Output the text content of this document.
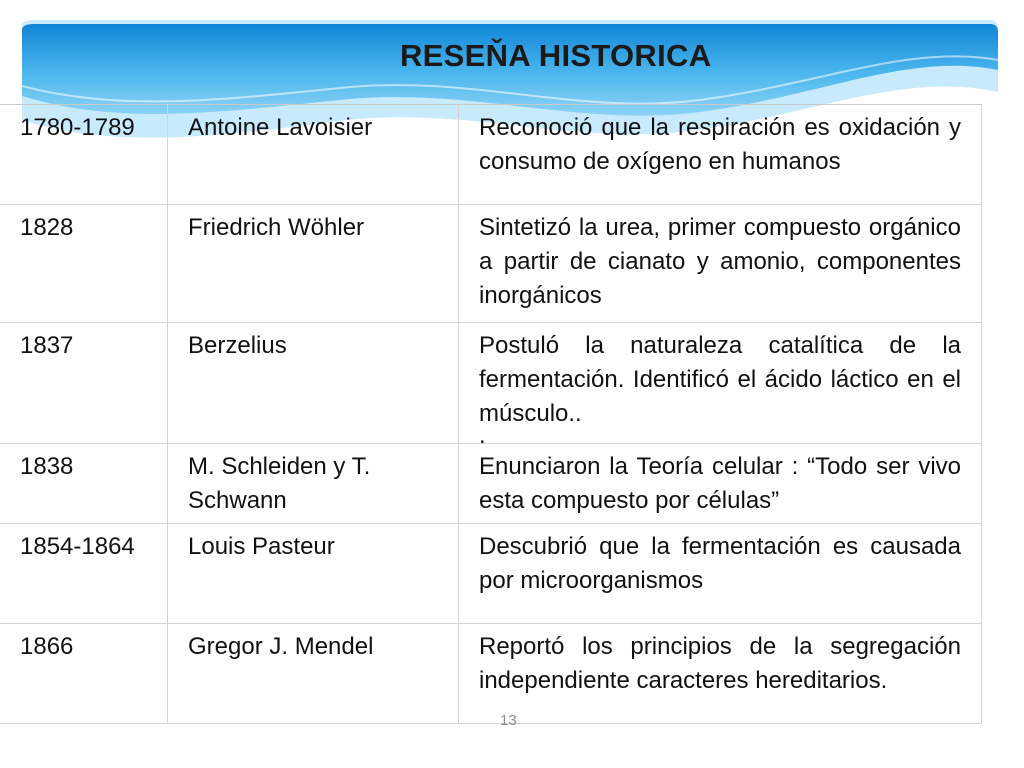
RESEŇA HISTORICA
1780-1789	Antoine Lavoisier	Reconoció que la respiración es oxidación y consumo de oxígeno en humanos
1828	Friedrich Wöhler	Sintetizó la urea, primer compuesto orgánico a partir de cianato y amonio, componentes inorgánicos
1837	Berzelius	Postuló la naturaleza catalítica de la fermentación. Identificó el ácido láctico en el músculo..
.

1838	M. Schleiden y T. Schwann	Enunciaron la Teoría celular : “Todo ser vivo esta compuesto por células”
1854-1864	Louis Pasteur	Descubrió que la fermentación es causada por microorganismos
1866	Gregor J. Mendel	Reportó los principios de la segregación independiente caracteres hereditarios.
13
